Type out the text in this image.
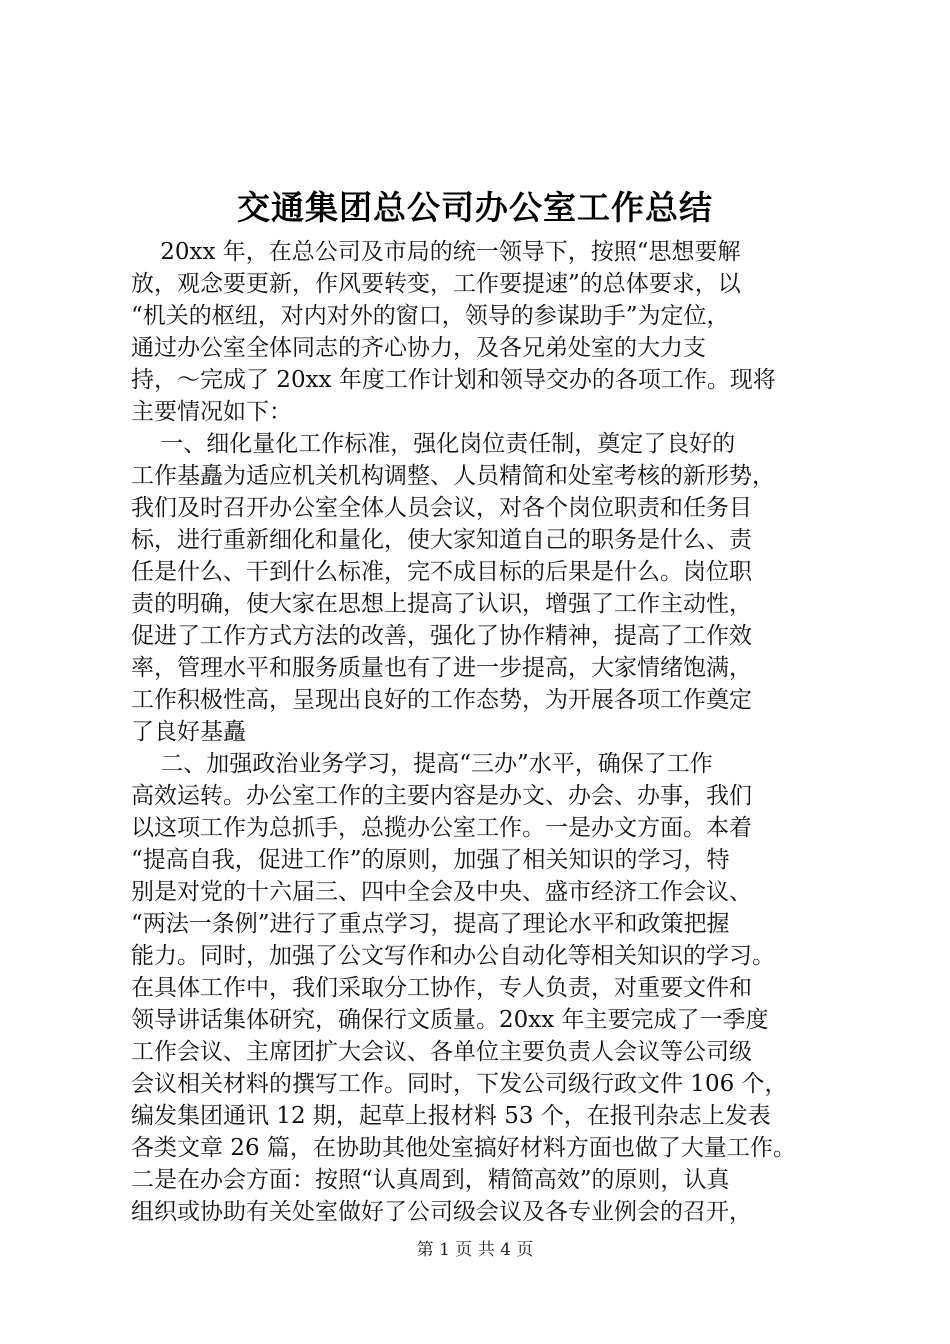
交通集团总公司办公室工作总结
20xx 年，在总公司及市局的统一领导下，按照“思想要解
放，观念要更新，作风要转变，工作要提速”的总体要求，以
“机关的枢纽，对内对外的窗口，领导的参谋助手”为定位，
通过办公室全体同志的齐心协力，及各兄弟处室的大力支
持，～完成了 20xx 年度工作计划和领导交办的各项工作。现将
主要情况如下：
一、细化量化工作标准，强化岗位责任制，奠定了良好的
工作基矗为适应机关机构调整、人员精简和处室考核的新形势，
我们及时召开办公室全体人员会议，对各个岗位职责和任务目
标，进行重新细化和量化，使大家知道自己的职务是什么、责
任是什么、干到什么标准，完不成目标的后果是什么。岗位职
责的明确，使大家在思想上提高了认识，增强了工作主动性，
促进了工作方式方法的改善，强化了协作精神，提高了工作效
率，管理水平和服务质量也有了进一步提高，大家情绪饱满，
工作积极性高，呈现出良好的工作态势，为开展各项工作奠定
了良好基矗
二、加强政治业务学习，提高“三办”水平，确保了工作
高效运转。办公室工作的主要内容是办文、办会、办事，我们
以这项工作为总抓手，总揽办公室工作。一是办文方面。本着
“提高自我，促进工作”的原则，加强了相关知识的学习，特
别是对党的十六届三、四中全会及中央、盛市经济工作会议、
“两法一条例”进行了重点学习，提高了理论水平和政策把握
能力。同时，加强了公文写作和办公自动化等相关知识的学习。
在具体工作中，我们采取分工协作，专人负责，对重要文件和
领导讲话集体研究，确保行文质量。20xx 年主要完成了一季度
工作会议、主席团扩大会议、各单位主要负责人会议等公司级
会议相关材料的撰写工作。同时，下发公司级行政文件 106 个，
编发集团通讯 12 期，起草上报材料 53 个，在报刊杂志上发表
各类文章 26 篇，在协助其他处室搞好材料方面也做了大量工作。
二是在办会方面：按照“认真周到，精简高效”的原则，认真
组织或协助有关处室做好了公司级会议及各专业例会的召开，
第 1 页 共 4 页
